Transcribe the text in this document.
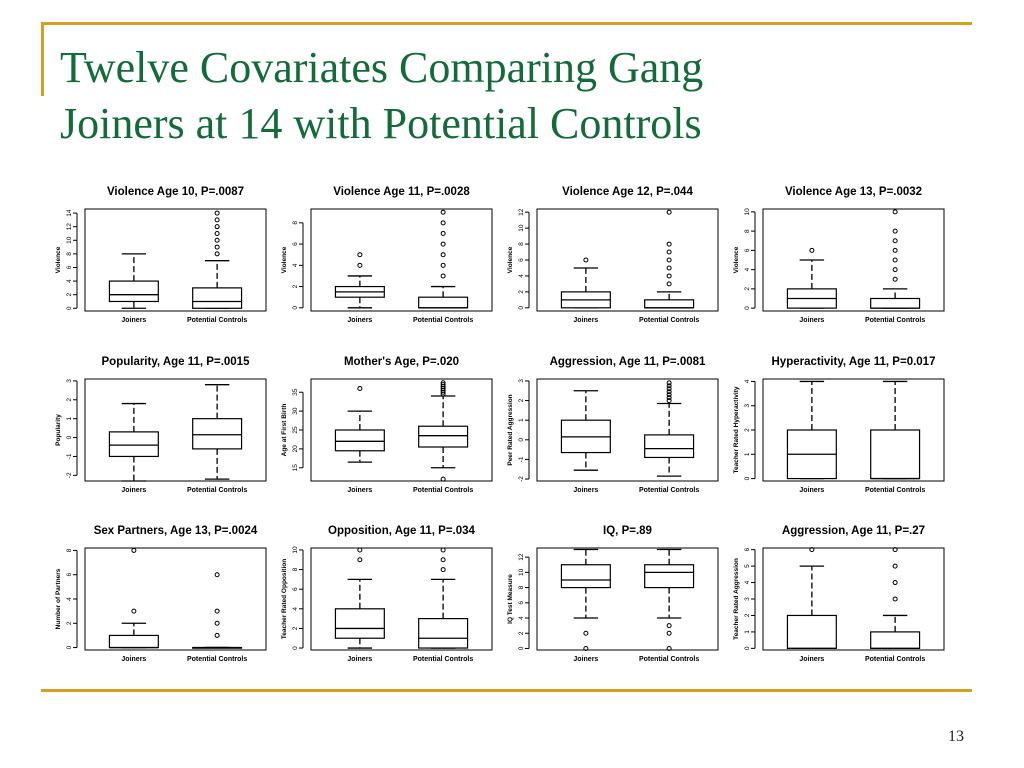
Twelve Covariates Comparing Gang
Joiners at 14 with Potential Controls
Violence Age 10, P=.0087
0
2
4
6
8
10
12
14
Violence
Joiners	Potential Controls
Violence Age 11, P=.0028
0
2
4
6
8
Violence
Joiners	Potential Controls
Violence Age 12, P=.044
0
2
4
6
8
10
12
Violence
Joiners	Potential Controls
Violence Age 13, P=.0032
0
2
4
6
8
10
Violence
Joiners	Potential Controls
Popularity, Age 11, P=.0015
-2
-1
0
1
2
3
Popularity
Joiners	Potential Controls
Mother's Age, P=.020
15
20
25
30
35
Age at First Birth
Joiners	Potential Controls
Aggression, Age 11, P=.0081
-2
-1
0
1
2
3
Peer Rated Aggression
Joiners	Potential Controls
Hyperactivity, Age 11, P=0.017
0
1
2
3
4
Teacher Rated Hyperactivity
Joiners	Potential Controls
Sex Partners, Age 13, P=.0024
0
2
4
6
8
Number of Partners
Joiners	Potential Controls
Opposition, Age 11, P=.034
0
2
4
6
8
10
Teacher Rated Opposition
Joiners	Potential Controls
IQ, P=.89
0
2
4
6
8
10
12
IQ Test Measure
Joiners	Potential Controls
Aggression, Age 11, P=.27
0
1
2
3
4
5
6
Teacher Rated Aggression
Joiners	Potential Controls
13
